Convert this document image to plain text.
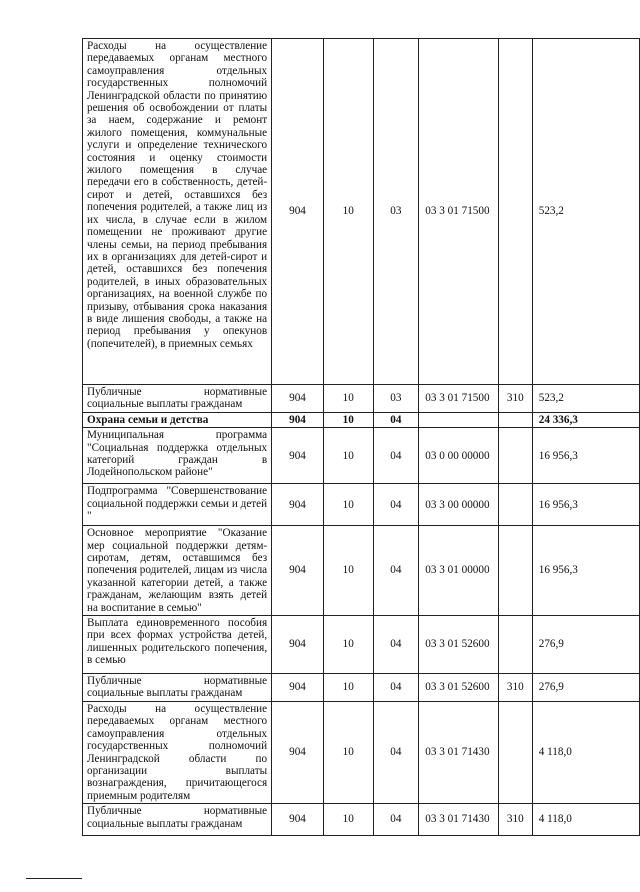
Расходы на осуществление передаваемых органам местного самоуправления отдельных государственных полномочий Ленинградской области по принятию решения об освобождении от платы за наем, содержание и ремонт жилого помещения, коммунальные услуги и определение технического состояния и оценку стоимости жилого помещения в случае передачи его в собственность, детей-сирот и детей, оставшихся без попечения родителей, а также лиц из их числа, в случае если в жилом помещении не проживают другие члены семьи, на период пребывания их в организациях для детей-сирот и детей, оставшихся без попечения родителей, в иных образовательных организациях, на военной службе по призыву, отбывания срока наказания в виде лишения свободы, а также на период пребывания у опекунов (попечителей), в приемных семьях	904	10	03	03 3 01 71500		523,2
Публичные нормативные социальные выплаты гражданам	904	10	03	03 3 01 71500	310	523,2
Охрана семьи и детства	904	10	04			24 336,3
Муниципальная программа "Социальная поддержка отдельных категорий граждан в Лодейнопольском районе"	904	10	04	03 0 00 00000		16 956,3
Подпрограмма "Совершенствование социальной поддержки семьи и детей "	904	10	04	03 3 00 00000		16 956,3
Основное мероприятие "Оказание мер социальной поддержки детям-сиротам, детям, оставшимся без попечения родителей, лицам из числа указанной категории детей, а также гражданам, желающим взять детей на воспитание в семью"	904	10	04	03 3 01 00000		16 956,3
Выплата единовременного пособия при всех формах устройства детей, лишенных родительского попечения, в семью	904	10	04	03 3 01 52600		276,9
Публичные нормативные социальные выплаты гражданам	904	10	04	03 3 01 52600	310	276,9
Расходы на осуществление передаваемых органам местного самоуправления отдельных государственных полномочий Ленинградской области по организации выплаты вознаграждения, причитающегося приемным родителям	904	10	04	03 3 01 71430		4 118,0
Публичные нормативные социальные выплаты гражданам	904	10	04	03 3 01 71430	310	4 118,0
